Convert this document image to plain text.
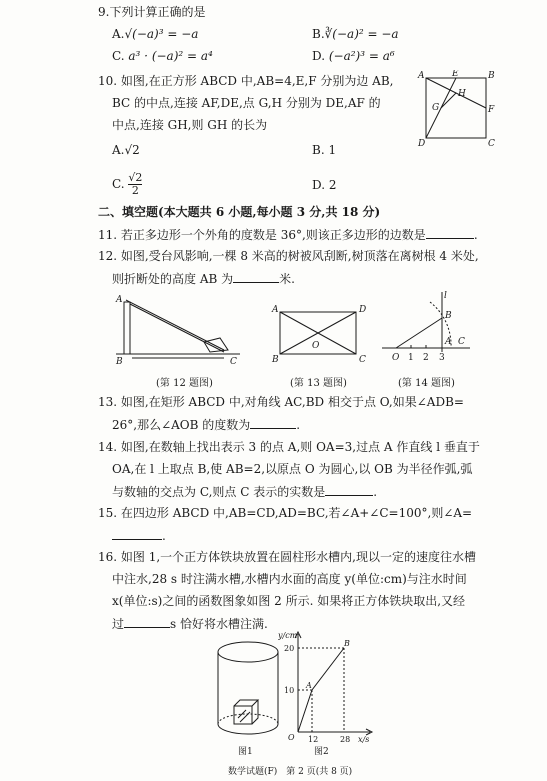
9.下列计算正确的是
A.√(−a)³ = −a	B.∛(−a)² = −a
C. a³ · (−a)² = a⁴	D. (−a²)³ = a⁶
10. 如图,在正方形 ABCD 中,AB=4,E,F 分别为边 AB,
BC 的中点,连接 AF,DE,点 G,H 分别为 DE,AF 的
中点,连接 GH,则 GH 的长为
A.√2	B. 1
C. $\frac{√2}{2}$	D. 2
A	E	B
H
G	F
D	C
二、填空题(本大题共 6 小题,每小题 3 分,共 18 分)
11. 若正多边形一个外角的度数是 36°,则该正多边形的边数是	.
12. 如图,受台风影响,一棵 8 米高的树被风刮断,树顶落在离树根 4 米处,
则折断处的高度 AB 为	米.
A
B	C
(第 12 题图)
A
B
O
D
C
(第 13 题图)
l
B
O 1 2 3
A C
(第 14 题图)
13. 如图,在矩形 ABCD 中,对角线 AC,BD 相交于点 O,如果∠ADB=
26°,那么∠AOB 的度数为	.
14. 如图,在数轴上找出表示 3 的点 A,则 OA=3,过点 A 作直线 l 垂直于
OA,在 l 上取点 B,使 AB=2,以原点 O 为圆心,以 OB 为半径作弧,弧
与数轴的交点为 C,则点 C 表示的实数是	.
15. 在四边形 ABCD 中,AB=CD,AD=BC,若∠A+∠C=100°,则∠A=
.
16. 如图 1,一个正方体铁块放置在圆柱形水槽内,现以一定的速度往水槽
中注水,28 s 时注满水槽,水槽内水面的高度 y(单位:cm)与注水时间
x(单位:s)之间的函数图象如图 2 所示. 如果将正方体铁块取出,又经
过	s 恰好将水槽注满.
图1
y/cm
x/s
O
20
10
12	28
A
B
图2
数学试题(F)　第 2 页(共 8 页)
